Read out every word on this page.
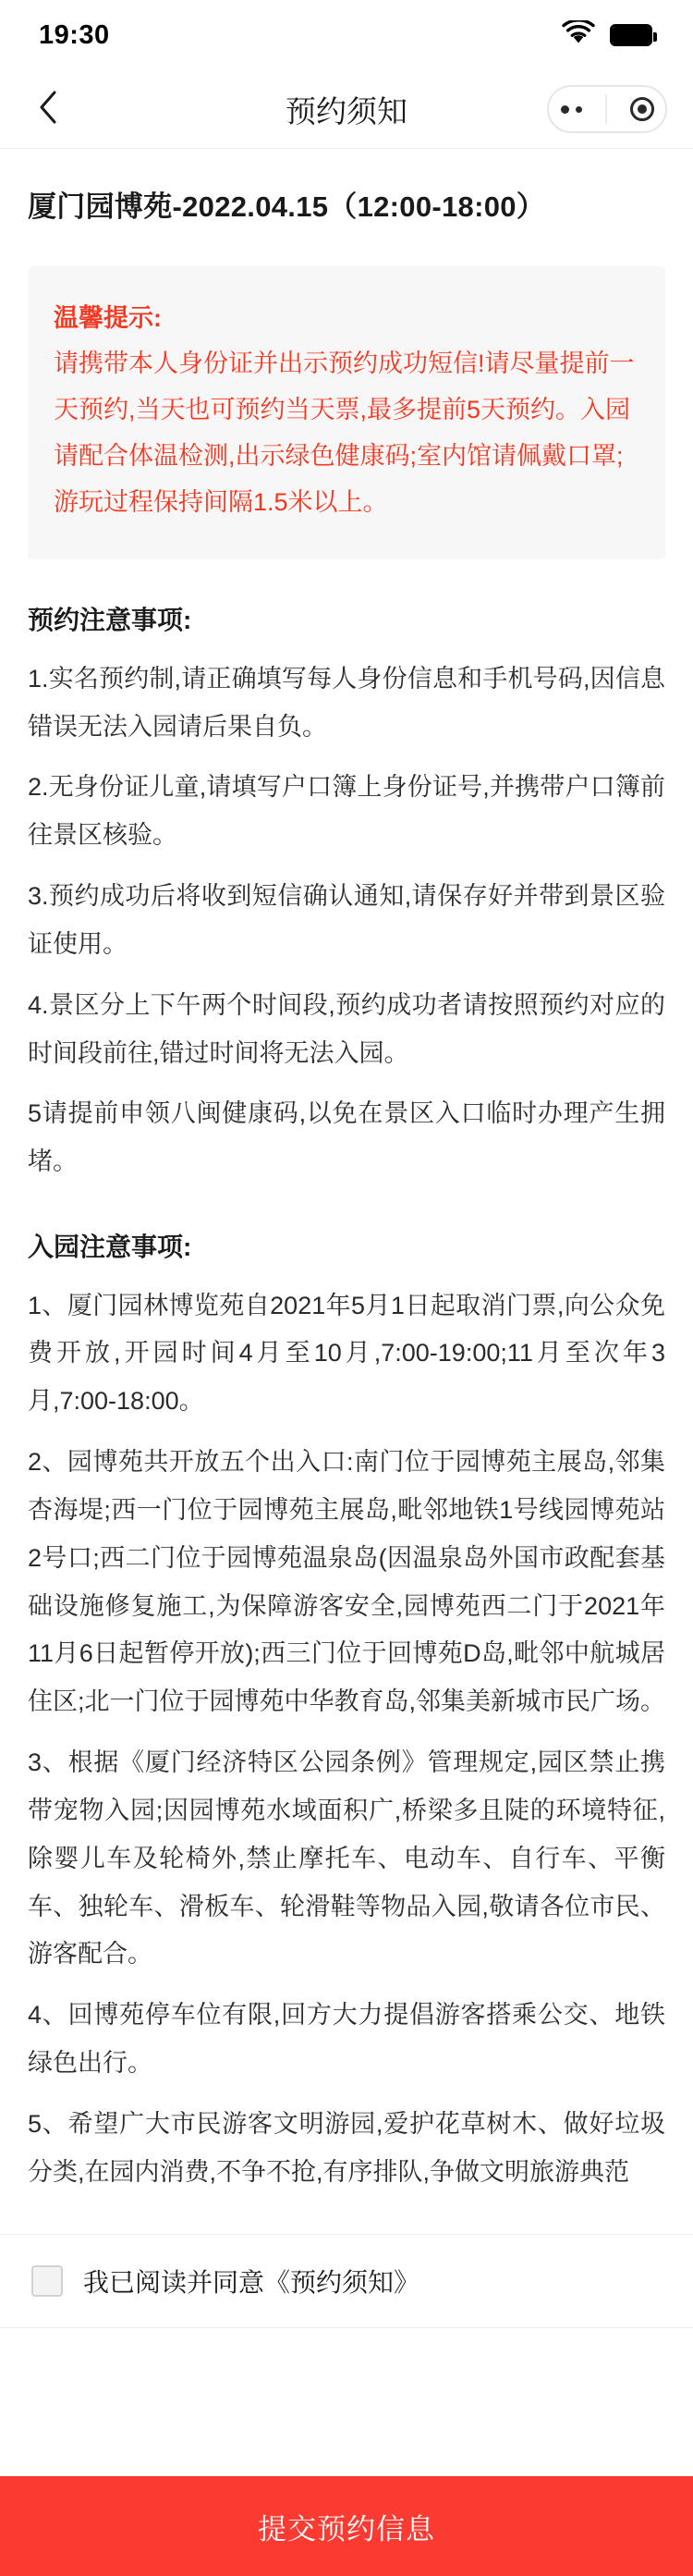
19:30
预约须知
厦门园博苑-2022.04.15（12:00-18:00）
温馨提示:
请携带本人身份证并出示预约成功短信!请尽量提前一天预约,当天也可预约当天票,最多提前5天预约。入园请配合体温检测,出示绿色健康码;室内馆请佩戴口罩;游玩过程保持间隔1.5米以上。
预约注意事项:
1.实名预约制,请正确填写每人身份信息和手机号码,因信息错误无法入园请后果自负。
2.无身份证儿童,请填写户口簿上身份证号,并携带户口簿前往景区核验。
3.预约成功后将收到短信确认通知,请保存好并带到景区验证使用。
4.景区分上下午两个时间段,预约成功者请按照预约对应的时间段前往,错过时间将无法入园。
5请提前申领八闽健康码,以免在景区入口临时办理产生拥堵。
入园注意事项:
1、厦门园林博览苑自2021年5月1日起取消门票,向公众免费开放,开园时间4月至10月,7:00-19:00;11月至次年3月,7:00-18:00。
2、园博苑共开放五个出入口:南门位于园博苑主展岛,邻集杏海堤;西一门位于园博苑主展岛,毗邻地铁1号线园博苑站2号口;西二门位于园博苑温泉岛(因温泉岛外国市政配套基础设施修复施工,为保障游客安全,园博苑西二门于2021年11月6日起暂停开放);西三门位于回博苑D岛,毗邻中航城居住区;北一门位于园博苑中华教育岛,邻集美新城市民广场。
3、根据《厦门经济特区公园条例》管理规定,园区禁止携带宠物入园;因园博苑水域面积广,桥梁多且陡的环境特征,除婴儿车及轮椅外,禁止摩托车、电动车、自行车、平衡车、独轮车、滑板车、轮滑鞋等物品入园,敬请各位市民、游客配合。
4、回博苑停车位有限,回方大力提倡游客搭乘公交、地铁绿色出行。
5、希望广大市民游客文明游园,爱护花草树木、做好垃圾分类,在园内消费,不争不抢,有序排队,争做文明旅游典范
我已阅读并同意《预约须知》
提交预约信息
